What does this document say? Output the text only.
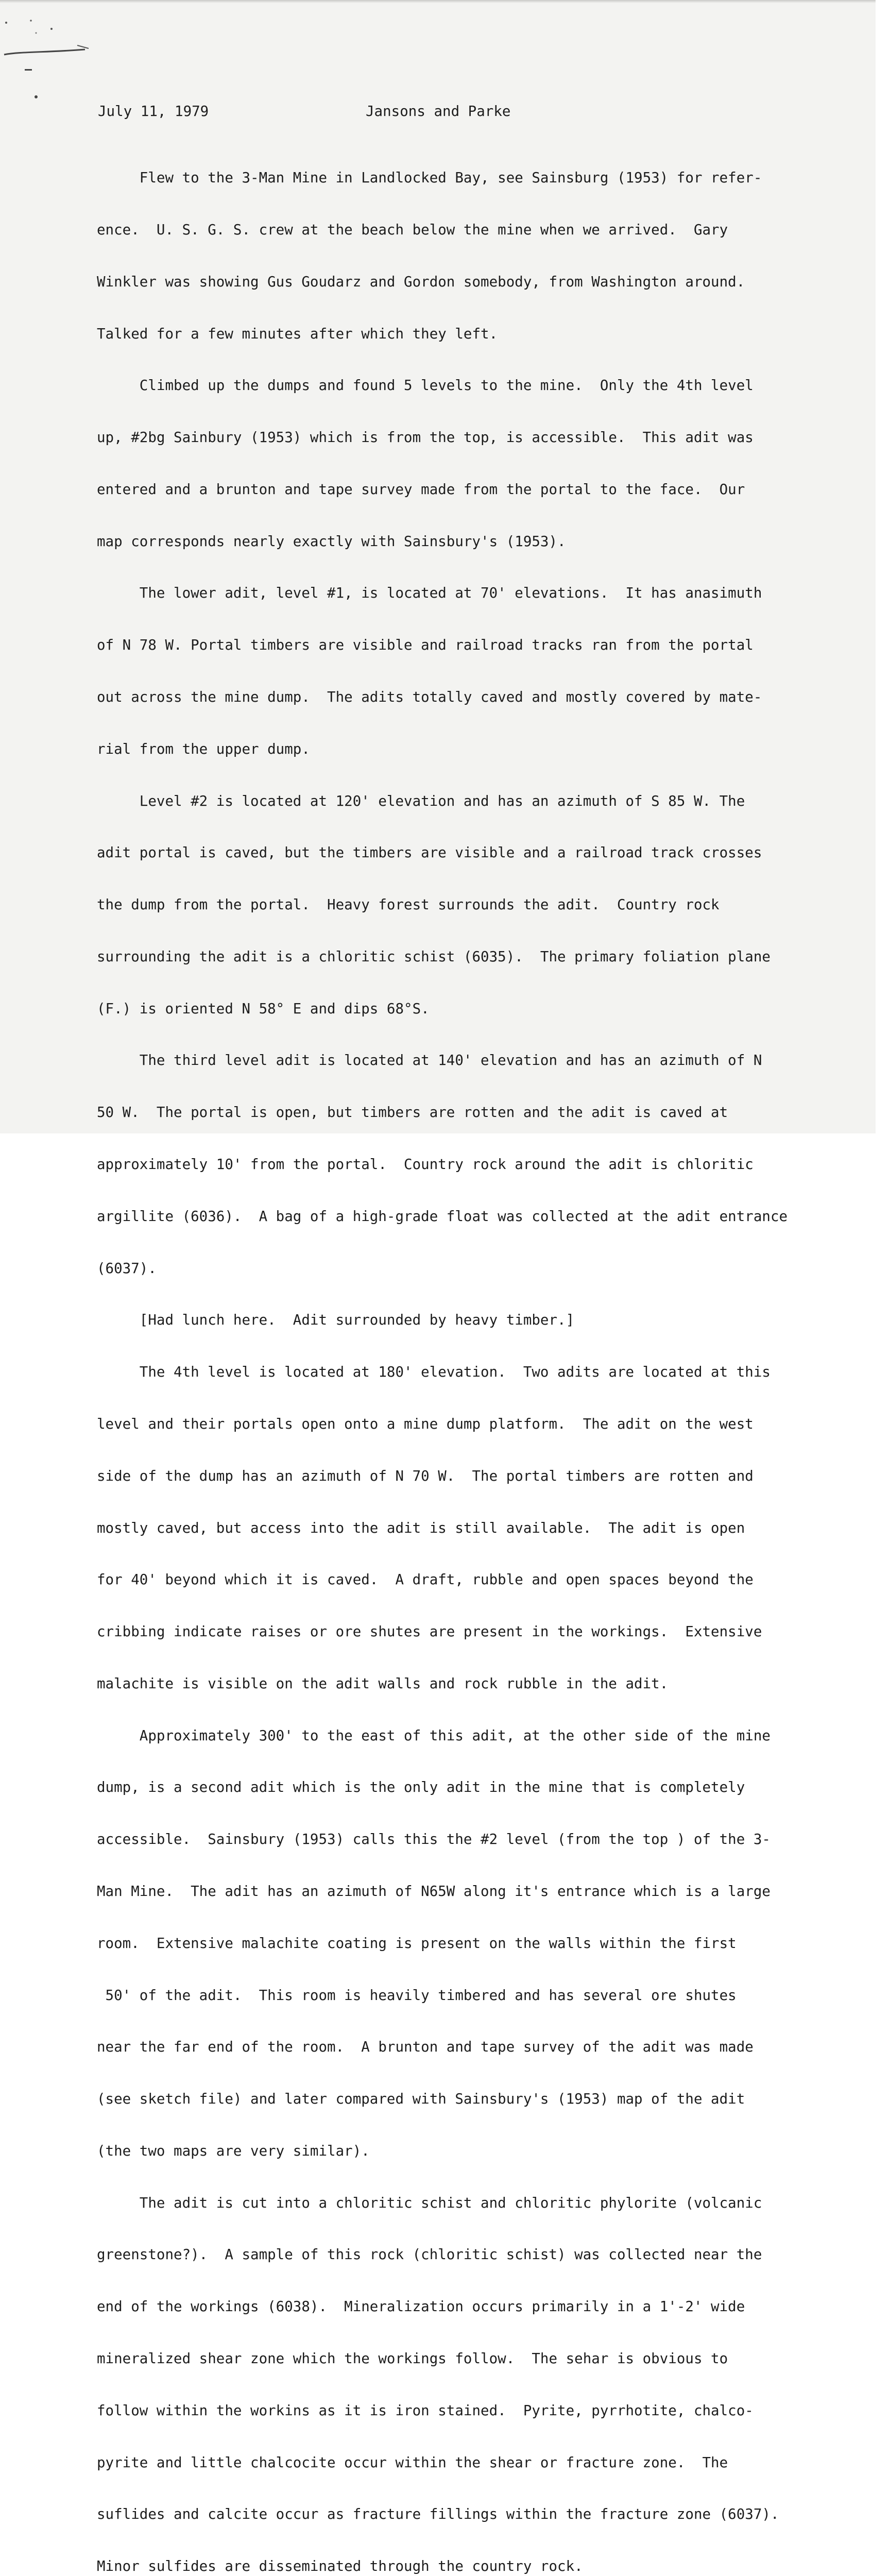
July 11, 1979	Jansons and Parke

Flew to the 3-Man Mine in Landlocked Bay, see Sainsburg (1953) for refer-

ence.  U. S. G. S. crew at the beach below the mine when we arrived.  Gary

Winkler was showing Gus Goudarz and Gordon somebody, from Washington around.

Talked for a few minutes after which they left.

Climbed up the dumps and found 5 levels to the mine.  Only the 4th level

up, #2bg Sainbury (1953) which is from the top, is accessible.  This adit was

entered and a brunton and tape survey made from the portal to the face.  Our

map corresponds nearly exactly with Sainsbury's (1953).

The lower adit, level #1, is located at 70' elevations.  It has anasimuth

of N 78 W. Portal timbers are visible and railroad tracks ran from the portal

out across the mine dump.  The adits totally caved and mostly covered by mate-

rial from the upper dump.

Level #2 is located at 120' elevation and has an azimuth of S 85 W. The

adit portal is caved, but the timbers are visible and a railroad track crosses

the dump from the portal.  Heavy forest surrounds the adit.  Country rock

surrounding the adit is a chloritic schist (6035).  The primary foliation plane

(F.) is oriented N 58° E and dips 68°S.

The third level adit is located at 140' elevation and has an azimuth of N

50 W.  The portal is open, but timbers are rotten and the adit is caved at

approximately 10' from the portal.  Country rock around the adit is chloritic

argillite (6036).  A bag of a high-grade float was collected at the adit entrance

(6037).

[Had lunch here.  Adit surrounded by heavy timber.]

The 4th level is located at 180' elevation.  Two adits are located at this

level and their portals open onto a mine dump platform.  The adit on the west

side of the dump has an azimuth of N 70 W.  The portal timbers are rotten and

mostly caved, but access into the adit is still available.  The adit is open

for 40' beyond which it is caved.  A draft, rubble and open spaces beyond the

cribbing indicate raises or ore shutes are present in the workings.  Extensive

malachite is visible on the adit walls and rock rubble in the adit.

Approximately 300' to the east of this adit, at the other side of the mine

dump, is a second adit which is the only adit in the mine that is completely

accessible.  Sainsbury (1953) calls this the #2 level (from the top ) of the 3-

Man Mine.  The adit has an azimuth of N65W along it's entrance which is a large

room.  Extensive malachite coating is present on the walls within the first

50' of the adit.  This room is heavily timbered and has several ore shutes

near the far end of the room.  A brunton and tape survey of the adit was made

(see sketch file) and later compared with Sainsbury's (1953) map of the adit

(the two maps are very similar).

The adit is cut into a chloritic schist and chloritic phylorite (volcanic

greenstone?).  A sample of this rock (chloritic schist) was collected near the

end of the workings (6038).  Mineralization occurs primarily in a 1'-2' wide

mineralized shear zone which the workings follow.  The sehar is obvious to

follow within the workins as it is iron stained.  Pyrite, pyrrhotite, chalco-

pyrite and little chalcocite occur within the shear or fracture zone.  The

suflides and calcite occur as fracture fillings within the fracture zone (6037).

Minor sulfides are disseminated through the country rock.
